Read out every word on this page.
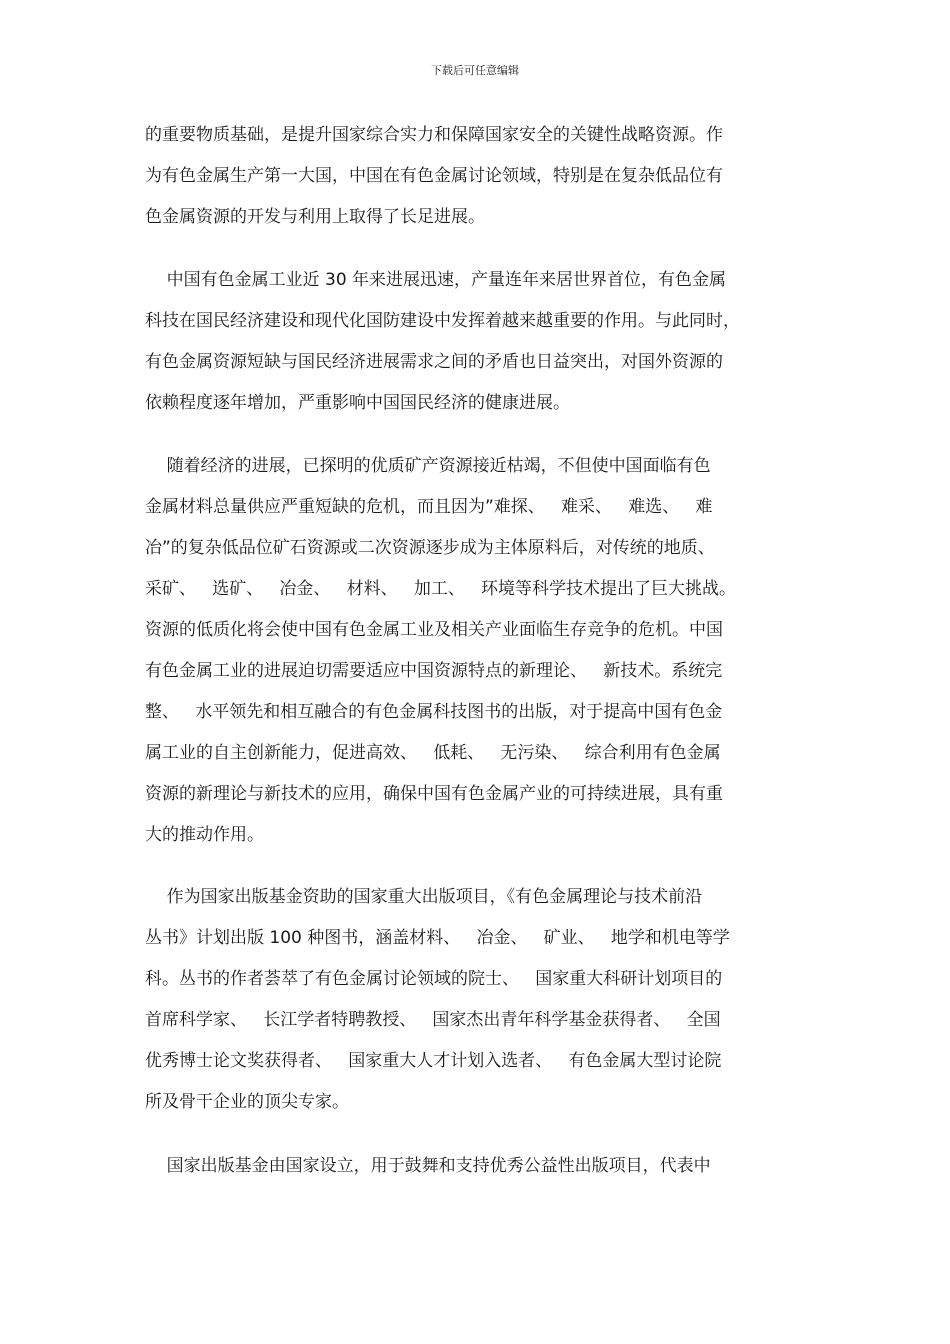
下载后可任意编辑
的重要物质基础，是提升国家综合实力和保障国家安全的关键性战略资源。作
为有色金属生产第一大国，中国在有色金属讨论领域，特别是在复杂低品位有
色金属资源的开发与利用上取得了长足进展。
中国有色金属工业近 30 年来进展迅速，产量连年来居世界首位，有色金属
科技在国民经济建设和现代化国防建设中发挥着越来越重要的作用。与此同时，
有色金属资源短缺与国民经济进展需求之间的矛盾也日益突出，对国外资源的
依赖程度逐年增加，严重影响中国国民经济的健康进展。
随着经济的进展，已探明的优质矿产资源接近枯竭，不但使中国面临有色
金属材料总量供应严重短缺的危机，而且因为”难探、   难采、   难选、   难
冶”的复杂低品位矿石资源或二次资源逐步成为主体原料后，对传统的地质、
采矿、   选矿、   冶金、   材料、   加工、   环境等科学技术提出了巨大挑战。
资源的低质化将会使中国有色金属工业及相关产业面临生存竞争的危机。中国
有色金属工业的进展迫切需要适应中国资源特点的新理论、   新技术。系统完
整、   水平领先和相互融合的有色金属科技图书的出版，对于提高中国有色金
属工业的自主创新能力，促进高效、   低耗、   无污染、   综合利用有色金属
资源的新理论与新技术的应用，确保中国有色金属产业的可持续进展，具有重
大的推动作用。
作为国家出版基金资助的国家重大出版项目，《有色金属理论与技术前沿
丛书》计划出版 100 种图书，涵盖材料、   冶金、   矿业、   地学和机电等学
科。丛书的作者荟萃了有色金属讨论领域的院士、   国家重大科研计划项目的
首席科学家、   长江学者特聘教授、   国家杰出青年科学基金获得者、   全国
优秀博士论文奖获得者、   国家重大人才计划入选者、   有色金属大型讨论院
所及骨干企业的顶尖专家。
国家出版基金由国家设立，用于鼓舞和支持优秀公益性出版项目，代表中
